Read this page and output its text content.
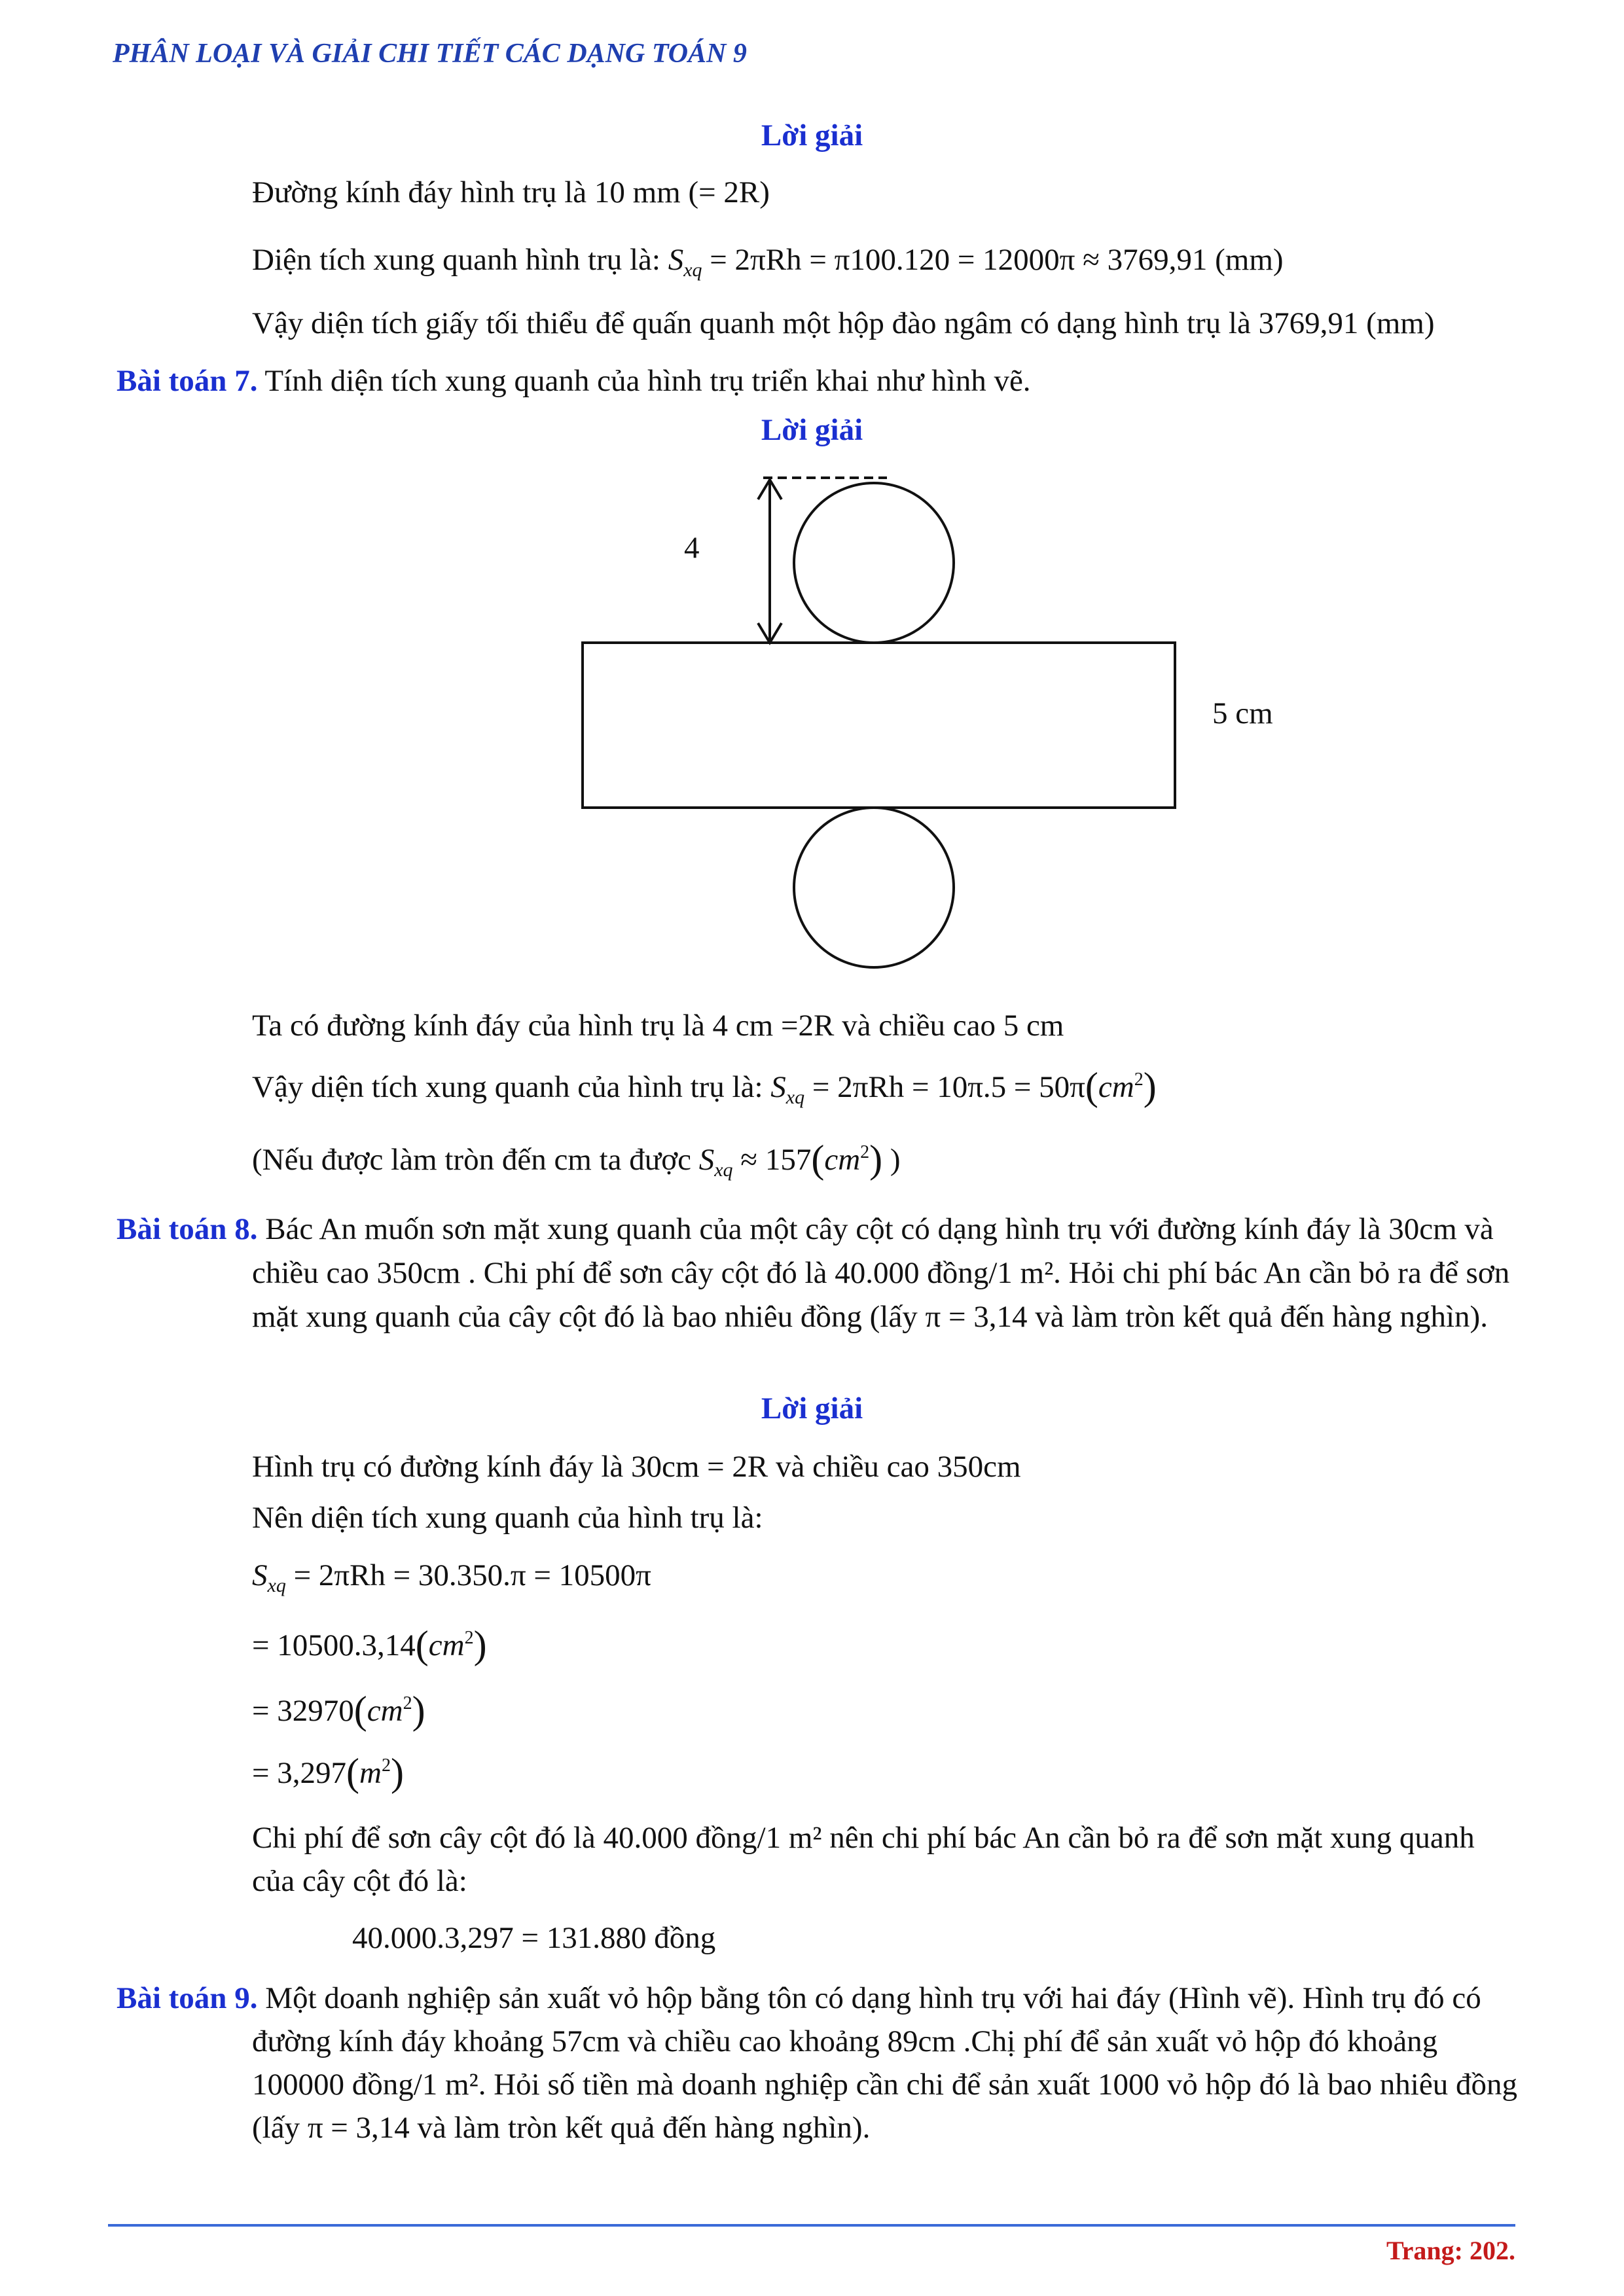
PHÂN LOẠI VÀ GIẢI CHI TIẾT CÁC DẠNG TOÁN 9
Lời giải
Đường kính đáy hình trụ là 10 mm (= 2R)
Diện tích xung quanh hình trụ là: $S_{xq} = 2\pi Rh = \pi 100.120 = 12000\pi \approx 3769,91$ (mm)
Vậy diện tích giấy tối thiểu để quấn quanh một hộp đào ngâm có dạng hình trụ là 3769,91 (mm)
Bài toán 7. Tính diện tích xung quanh của hình trụ triển khai như hình vẽ.
Lời giải
4
5 cm
Ta có đường kính đáy của hình trụ là 4 cm =2R và chiều cao 5 cm
Vậy diện tích xung quanh của hình trụ là: $S_{xq} = 2\pi Rh = 10\pi.5 = 50\pi(cm^2)$
(Nếu được làm tròn đến cm ta được $S_{xq} \approx 157(cm^2)$ )
Bài toán 8. Bác An muốn sơn mặt xung quanh của một cây cột có dạng hình trụ với đường kính đáy là 30cm và chiều cao 350cm . Chi phí để sơn cây cột đó là 40.000 đồng/1 m². Hỏi chi phí bác An cần bỏ ra để sơn mặt xung quanh của cây cột đó là bao nhiêu đồng (lấy π = 3,14 và làm tròn kết quả đến hàng nghìn).
Lời giải
Hình trụ có đường kính đáy là 30cm = 2R và chiều cao 350cm
Nên diện tích xung quanh của hình trụ là:
$S_{xq} = 2\pi Rh = 30.350.\pi = 10500\pi$
= $10500.3,14(cm^2)$
= $32970(cm^2)$
= $3,297(m^2)$
Chi phí để sơn cây cột đó là 40.000 đồng/1 m² nên chi phí bác An cần bỏ ra để sơn mặt xung quanh của cây cột đó là:
40.000.3,297 = 131.880 đồng
Bài toán 9. Một doanh nghiệp sản xuất vỏ hộp bằng tôn có dạng hình trụ với hai đáy (Hình vẽ). Hình trụ đó có đường kính đáy khoảng 57cm và chiều cao khoảng 89cm .Chị phí để sản xuất vỏ hộp đó khoảng 100000 đồng/1 m². Hỏi số tiền mà doanh nghiệp cần chi để sản xuất 1000 vỏ hộp đó là bao nhiêu đồng (lấy π = 3,14 và làm tròn kết quả đến hàng nghìn).
Trang: 202.
